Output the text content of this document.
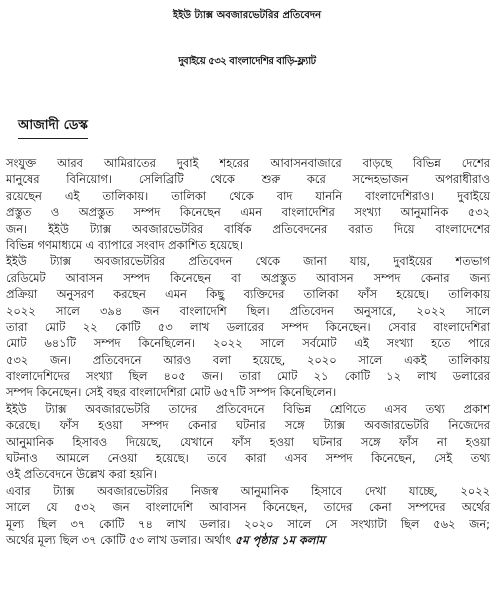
ইইউ ট্যাক্স অবজারভেটরির প্রতিবেদন
দুবাইয়ে ৫৩২ বাংলাদেশির বাড়ি-ফ্ল্যাট
আজাদী ডেস্ক
সংযুক্ত আরব আমিরাতের দুবাই শহরের আবাসনবাজারে বাড়ছে বিভিন্ন দেশের
মানুষের বিনিয়োগ। সেলিব্রিটি থেকে শুরু করে সন্দেহভাজন অপরাধীরাও
রয়েছেন এই তালিকায়। তালিকা থেকে বাদ যাননি বাংলাদেশিরাও। দুবাইয়ে
প্রস্তুত ও অপ্রস্তুত সম্পদ কিনেছেন এমন বাংলাদেশির সংখ্যা আনুমানিক ৫৩২
জন। ইইউ ট্যাক্স অবজারভেটরির বার্ষিক প্রতিবেদনের বরাত দিয়ে বাংলাদেশের
বিভিন্ন গণমাধ্যমে এ ব্যাপারে সংবাদ প্রকাশিত হয়েছে।
ইইউ ট্যাক্স অবজারভেটরির প্রতিবেদন থেকে জানা যায়, দুবাইয়ের শতভাগ
রেডিমেট আবাসন সম্পদ কিনেছেন বা অপ্রস্তুত আবাসন সম্পদ কেনার জন্য
প্রক্রিয়া অনুসরণ করছেন এমন কিছু ব্যক্তিদের তালিকা ফাঁস হয়েছে। তালিকায়
২০২২ সালে ৩৯৪ জন বাংলাদেশি ছিল। প্রতিবেদন অনুসারে, ২০২২ সালে
তারা মোট ২২ কোটি ৫৩ লাখ ডলারের সম্পদ কিনেছেন। সেবার বাংলাদেশিরা
মোট ৬৪১টি সম্পদ কিনেছিলেন। ২০২২ সালে সর্বমোট এই সংখ্যা হতে পারে
৫৩২ জন। প্রতিবেদনে আরও বলা হয়েছে, ২০২০ সালে একই তালিকায়
বাংলাদেশিদের সংখ্যা ছিল ৪০৫ জন। তারা মোট ২১ কোটি ১২ লাখ ডলারের
সম্পদ কিনেছেন। সেই বছর বাংলাদেশিরা মোট ৬৫৭টি সম্পদ কিনেছিলেন।
ইইউ ট্যাক্স অবজারভেটরি তাদের প্রতিবেদনে বিভিন্ন শ্রেণিতে এসব তথ্য প্রকাশ
করেছে। ফাঁস হওয়া সম্পদ কেনার ঘটনার সঙ্গে ট্যাক্স অবজারভেটরি নিজেদের
আনুমানিক হিসাবও দিয়েছে, যেখানে ফাঁস হওয়া ঘটনার সঙ্গে ফাঁস না হওয়া
ঘটনাও আমলে নেওয়া হয়েছে। তবে কারা এসব সম্পদ কিনেছেন, সেই তথ্য
ওই প্রতিবেদনে উল্লেখ করা হয়নি।
এবার ট্যাক্স অবজারভেটরির নিজস্ব আনুমানিক হিসাবে দেখা যাচ্ছে, ২০২২
সালে যে ৫৩২ জন বাংলাদেশি আবাসন কিনেছেন, তাদের কেনা সম্পদের অর্থের
মূল্য ছিল ৩৭ কোটি ৭৪ লাখ ডলার। ২০২০ সালে সে সংখ্যাটা ছিল ৫৬২ জন;
অর্থের মূল্য ছিল ৩৭ কোটি ৫৩ লাখ ডলার। অর্থাৎ ৫ম পৃষ্ঠার ১ম কলাম
